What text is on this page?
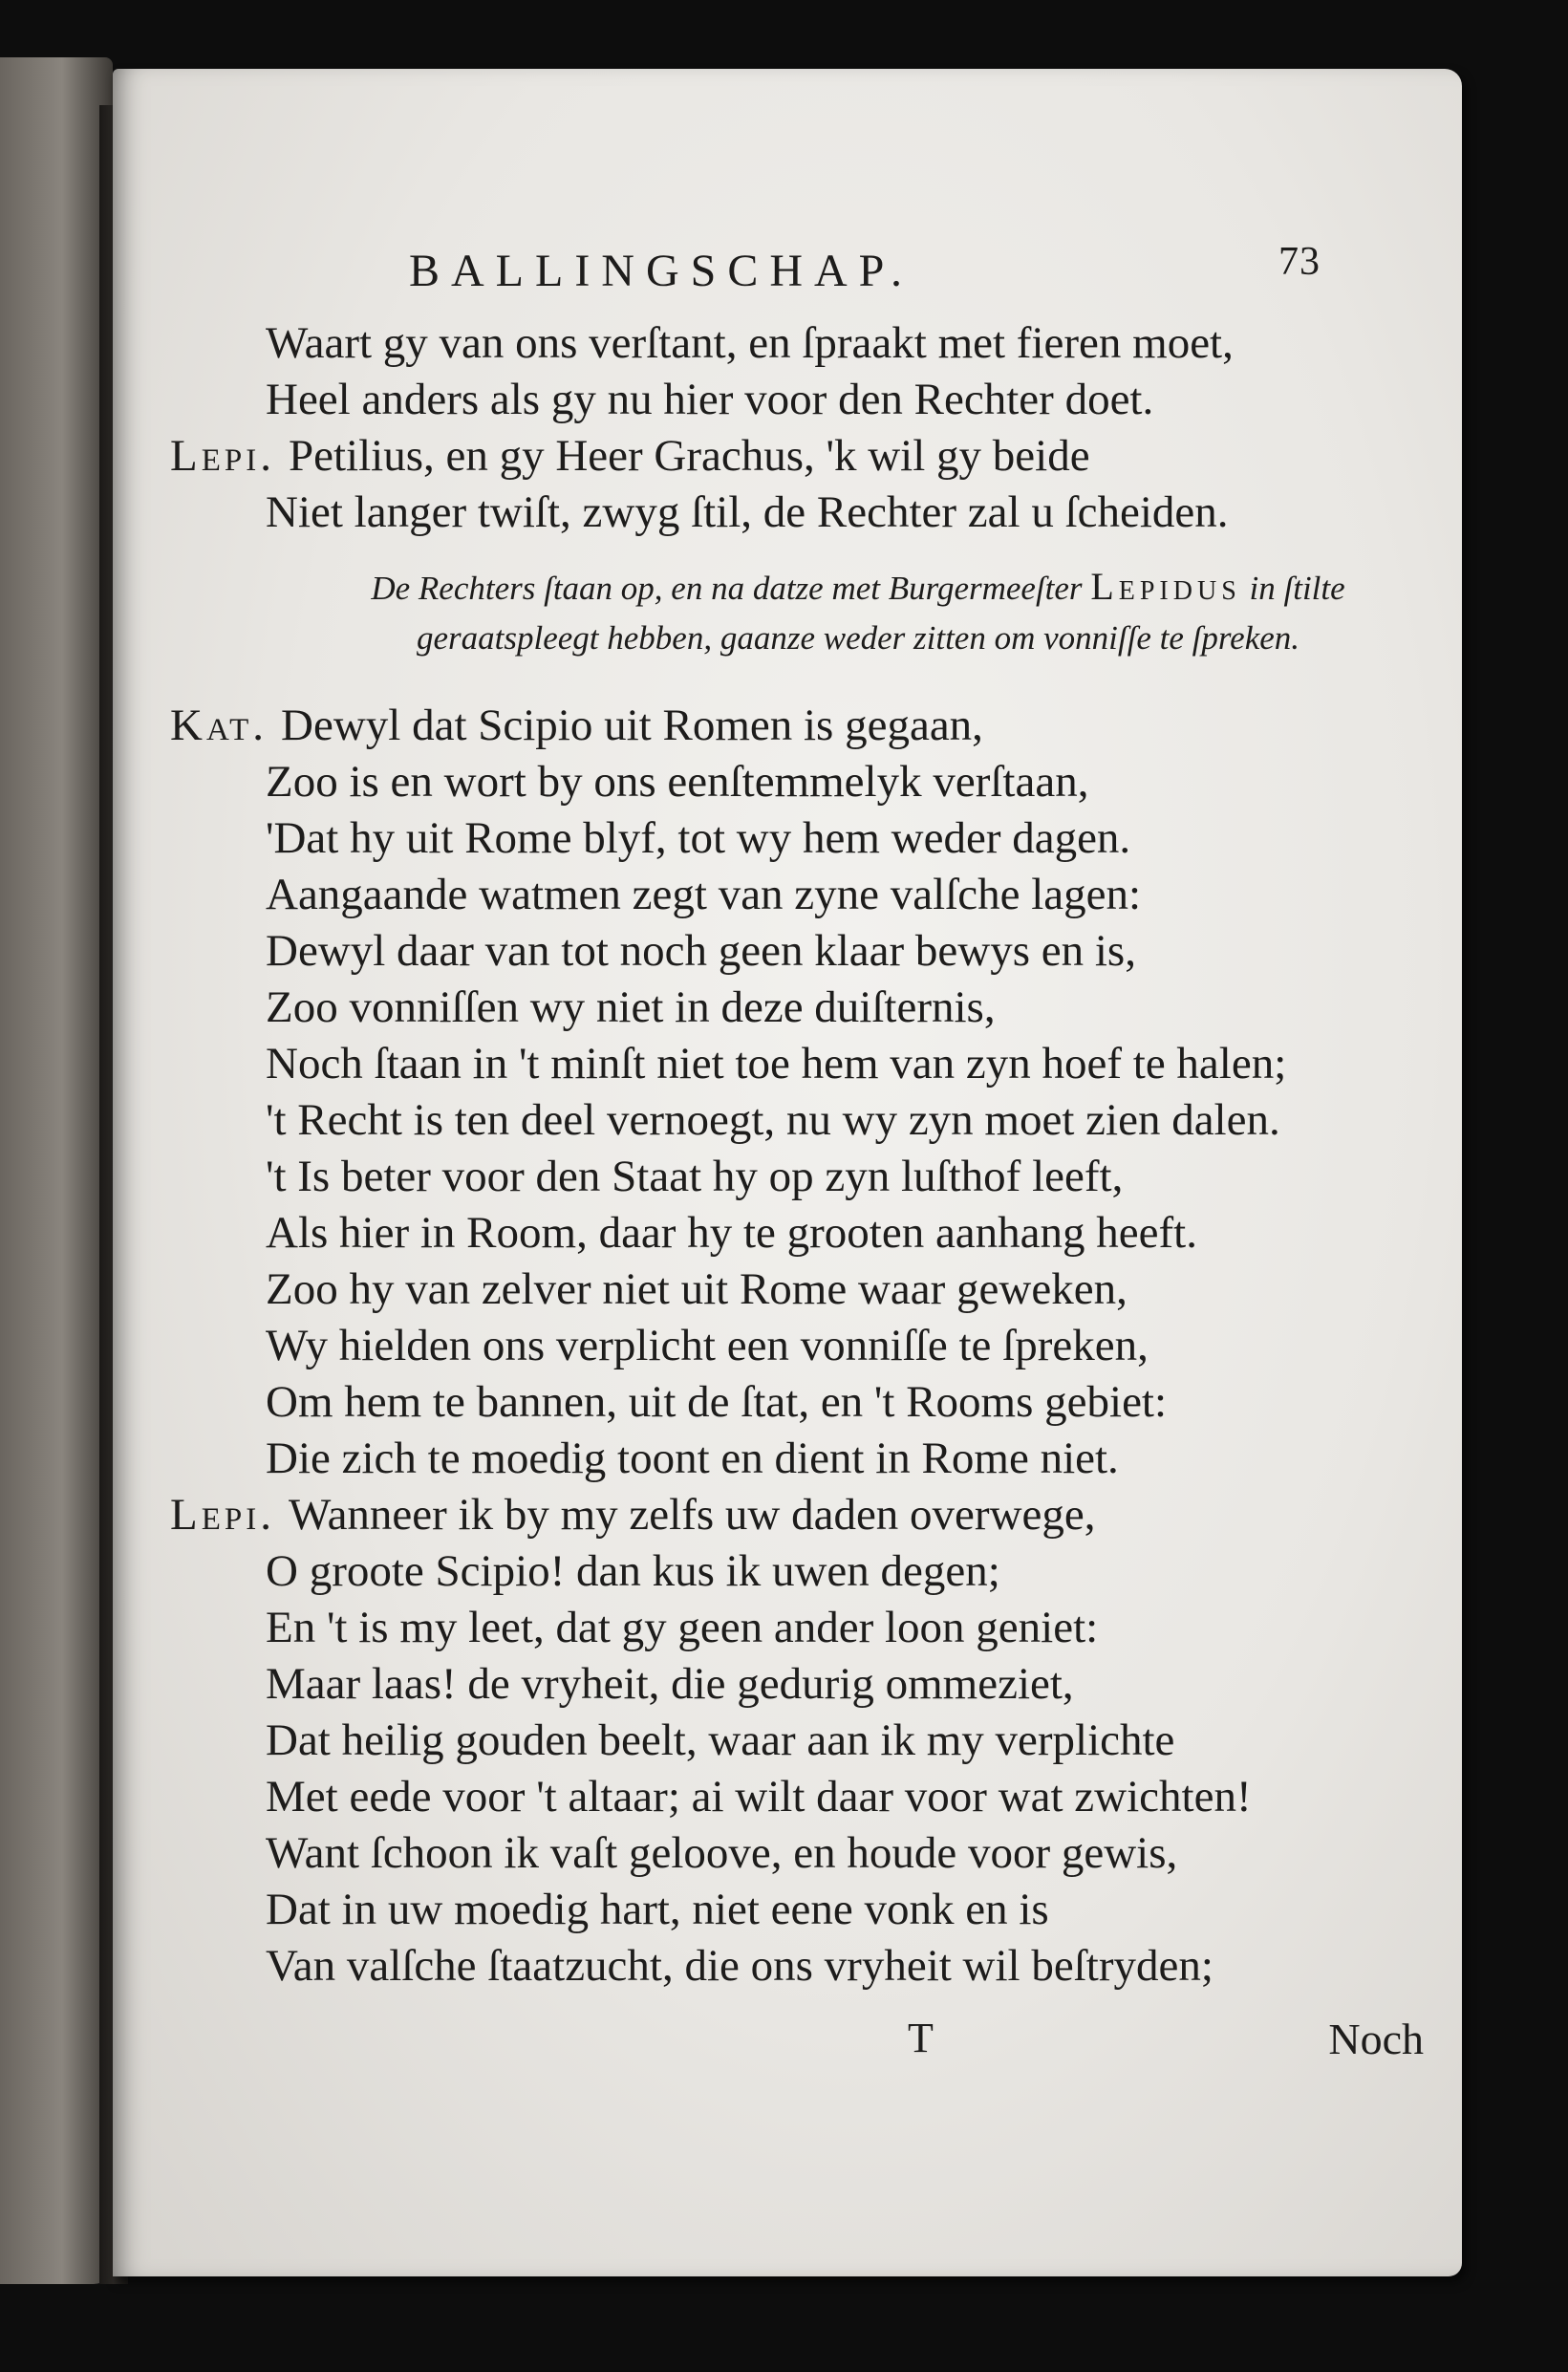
BALLINGSCHAP.	73
Waart gy van ons verſtant, en ſpraakt met fieren moet,
Heel anders als gy nu hier voor den Rechter doet.
Lepi. Petilius, en gy Heer Grachus, 'k wil gy beide
Niet langer twiſt, zwyg ſtil, de Rechter zal u ſcheiden.
De Rechters ſtaan op, en na datze met Burgermeeſter Lepidus in ſtilte
geraatspleegt hebben, gaanze weder zitten om vonniſſe te ſpreken.
Kat. Dewyl dat Scipio uit Romen is gegaan,
Zoo is en wort by ons eenſtemmelyk verſtaan,
'Dat hy uit Rome blyf, tot wy hem weder dagen.
Aangaande watmen zegt van zyne valſche lagen:
Dewyl daar van tot noch geen klaar bewys en is,
Zoo vonniſſen wy niet in deze duiſternis,
Noch ſtaan in 't minſt niet toe hem van zyn hoef te halen;
't Recht is ten deel vernoegt, nu wy zyn moet zien dalen.
't Is beter voor den Staat hy op zyn luſthof leeft,
Als hier in Room, daar hy te grooten aanhang heeft.
Zoo hy van zelver niet uit Rome waar geweken,
Wy hielden ons verplicht een vonniſſe te ſpreken,
Om hem te bannen, uit de ſtat, en 't Rooms gebiet:
Die zich te moedig toont en dient in Rome niet.
Lepi. Wanneer ik by my zelfs uw daden overwege,
O groote Scipio! dan kus ik uwen degen;
En 't is my leet, dat gy geen ander loon geniet:
Maar laas! de vryheit, die gedurig ommeziet,
Dat heilig gouden beelt, waar aan ik my verplichte
Met eede voor 't altaar; ai wilt daar voor wat zwichten!
Want ſchoon ik vaſt geloove, en houde voor gewis,
Dat in uw moedig hart, niet eene vonk en is
Van valſche ſtaatzucht, die ons vryheit wil beſtryden;
T	Noch
